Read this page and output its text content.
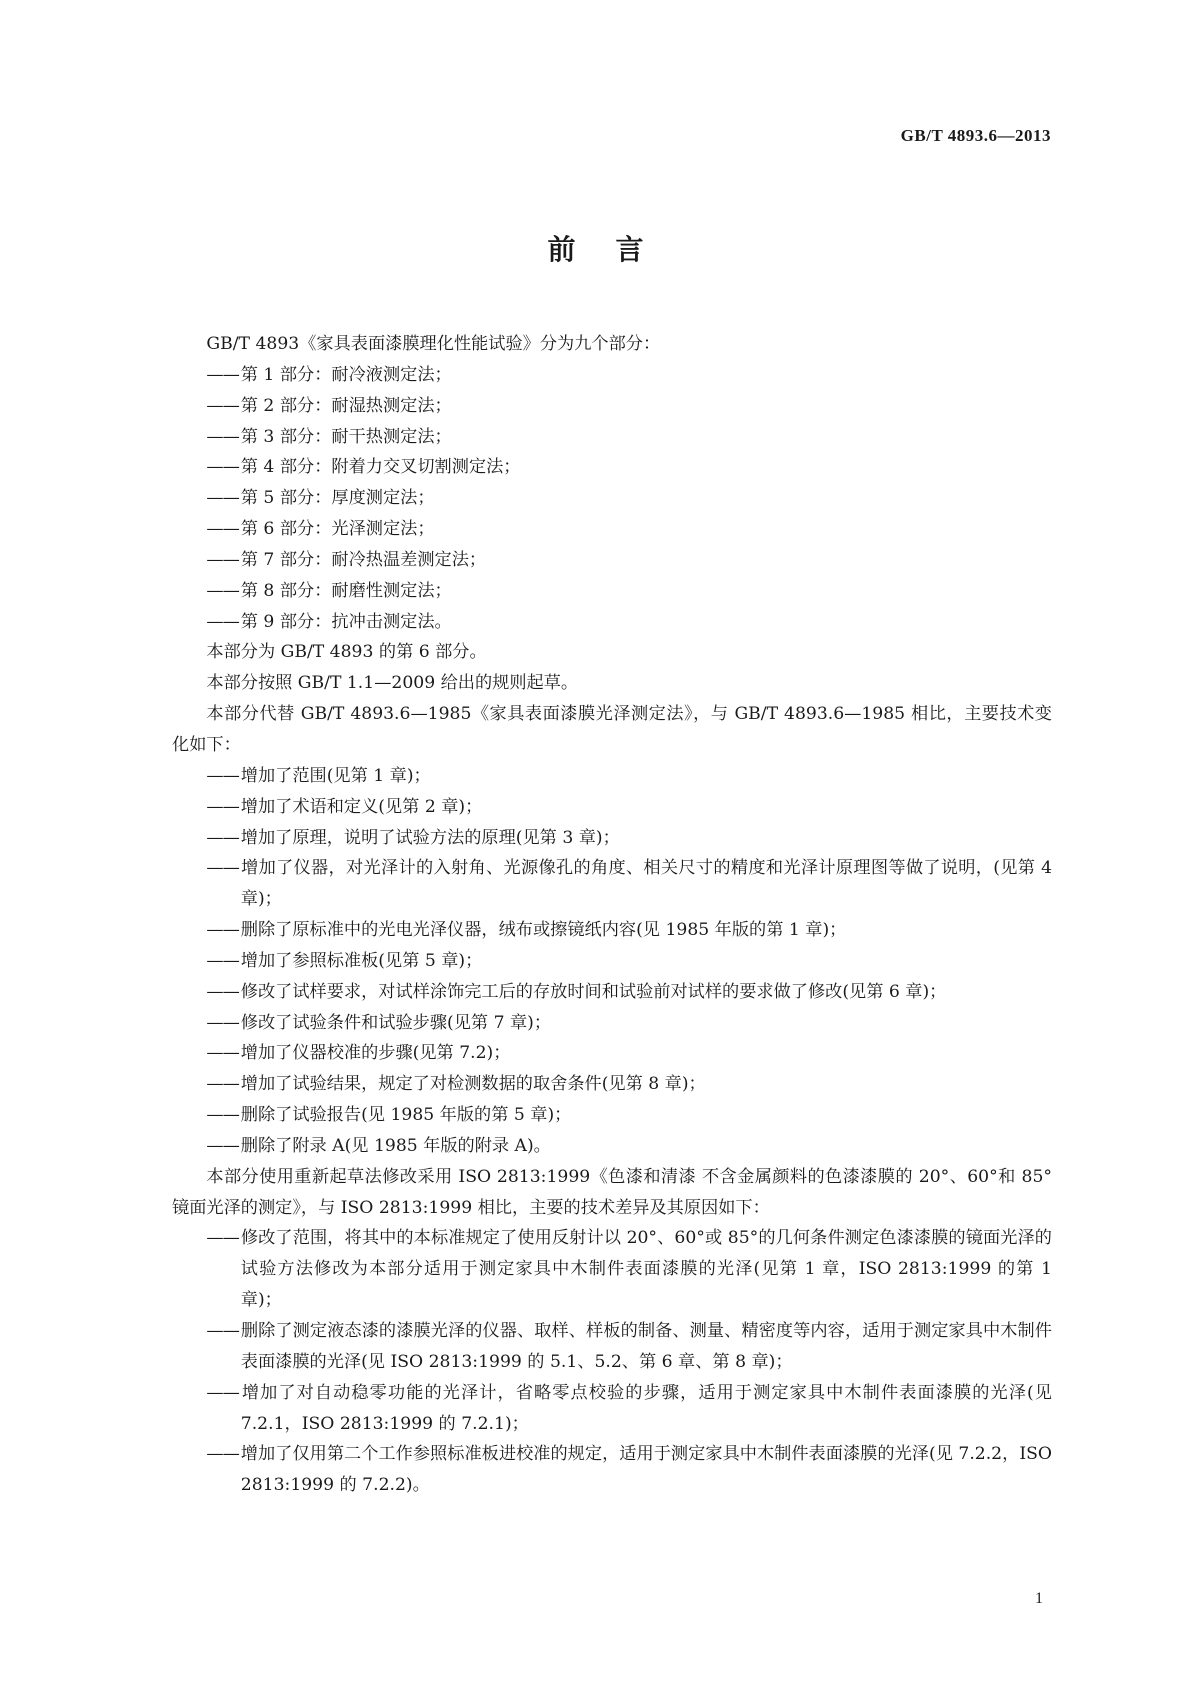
GB/T 4893.6—2013
前言

GB/T 4893《家具表面漆膜理化性能试验》分为九个部分：

—— 第 1 部分：耐冷液测定法；

—— 第 2 部分：耐湿热测定法；

—— 第 3 部分：耐干热测定法；

—— 第 4 部分：附着力交叉切割测定法；

—— 第 5 部分：厚度测定法；

—— 第 6 部分：光泽测定法；

—— 第 7 部分：耐冷热温差测定法；

—— 第 8 部分：耐磨性测定法；

—— 第 9 部分：抗冲击测定法。

本部分为 GB/T 4893 的第 6 部分。

本部分按照 GB/T 1.1—2009 给出的规则起草。

本部分代替 GB/T 4893.6—1985《家具表面漆膜光泽测定法》，与 GB/T 4893.6—1985 相比，主要技术变化如下：

—— 增加了范围(见第 1 章)；

—— 增加了术语和定义(见第 2 章)；

—— 增加了原理，说明了试验方法的原理(见第 3 章)；

—— 增加了仪器，对光泽计的入射角、光源像孔的角度、相关尺寸的精度和光泽计原理图等做了说明，(见第 4 章)；

—— 删除了原标准中的光电光泽仪器，绒布或擦镜纸内容(见 1985 年版的第 1 章)；

—— 增加了参照标准板(见第 5 章)；

—— 修改了试样要求，对试样涂饰完工后的存放时间和试验前对试样的要求做了修改(见第 6 章)；

—— 修改了试验条件和试验步骤(见第 7 章)；

—— 增加了仪器校准的步骤(见第 7.2)；

—— 增加了试验结果，规定了对检测数据的取舍条件(见第 8 章)；

—— 删除了试验报告(见 1985 年版的第 5 章)；

—— 删除了附录 A(见 1985 年版的附录 A)。

本部分使用重新起草法修改采用 ISO 2813:1999《色漆和清漆 不含金属颜料的色漆漆膜的 20°、60°和 85°镜面光泽的测定》，与 ISO 2813:1999 相比，主要的技术差异及其原因如下：

—— 修改了范围，将其中的本标准规定了使用反射计以 20°、60°或 85°的几何条件测定色漆漆膜的镜面光泽的试验方法修改为本部分适用于测定家具中木制件表面漆膜的光泽(见第 1 章，ISO 2813:1999 的第 1 章)；

—— 删除了测定液态漆的漆膜光泽的仪器、取样、样板的制备、测量、精密度等内容，适用于测定家具中木制件表面漆膜的光泽(见 ISO 2813:1999 的 5.1、5.2、第 6 章、第 8 章)；

—— 增加了对自动稳零功能的光泽计，省略零点校验的步骤，适用于测定家具中木制件表面漆膜的光泽(见 7.2.1，ISO 2813:1999 的 7.2.1)；

—— 增加了仅用第二个工作参照标准板进校准的规定，适用于测定家具中木制件表面漆膜的光泽(见 7.2.2，ISO 2813:1999 的 7.2.2)。

1
